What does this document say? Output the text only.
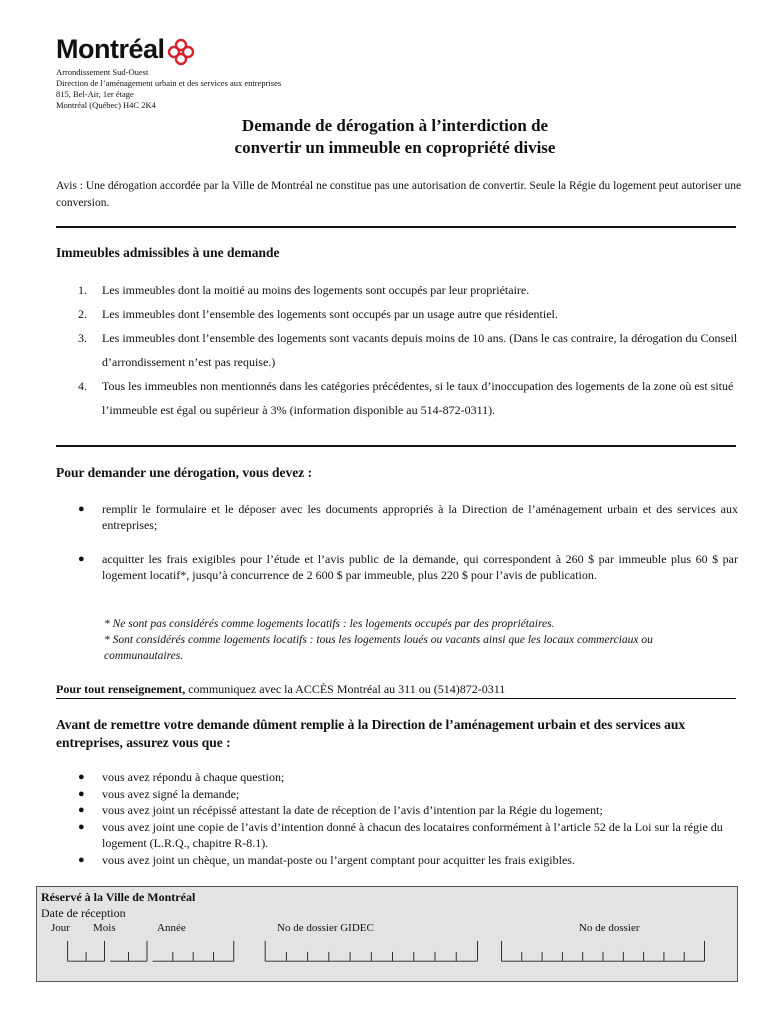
Montréal
Arrondissement Sud-Ouest
Direction de l’aménagement urbain et des services aux entreprises
815, Bel-Air, 1er étage
Montréal (Québec) H4C 2K4
Demande de dérogation à l’interdiction de
convertir un immeuble en copropriété divise
Avis : Une dérogation accordée par la Ville de Montréal ne constitue pas une autorisation de convertir. Seule la Régie du logement peut autoriser une conversion.
Immeubles admissibles à une demande
1.	Les immeubles dont la moitié au moins des logements sont occupés par leur propriétaire.
2.	Les immeubles dont l’ensemble des logements sont occupés par un usage autre que résidentiel.
3.	Les immeubles dont l’ensemble des logements sont vacants depuis moins de 10 ans. (Dans le cas contraire, la dérogation du Conseil d’arrondissement n’est pas requise.)
4.	Tous les immeubles non mentionnés dans les catégories précédentes, si le taux d’inoccupation des logements de la zone où est situé l’immeuble est égal ou supérieur à 3% (information disponible au 514-872-0311).
Pour demander une dérogation, vous devez :
●	remplir le formulaire et le déposer avec les documents appropriés à la Direction de l’aménagement urbain et des services aux entreprises;
●	acquitter les frais exigibles pour l’étude et l’avis public de la demande, qui correspondent à 260 $ par immeuble plus 60 $ par logement locatif*, jusqu’à concurrence de 2 600 $ par immeuble, plus 220 $ pour l’avis de publication.
* Ne sont pas considérés comme logements locatifs : les logements occupés par des propriétaires.
* Sont considérés comme logements locatifs : tous les logements loués ou vacants ainsi que les locaux commerciaux ou communautaires.
Pour tout renseignement, communiquez avec la ACCÈS Montréal au 311 ou (514)872-0311
Avant de remettre votre demande dûment remplie à la Direction de l’aménagement urbain et des services aux entreprises, assurez vous que :
●	vous avez répondu à chaque question;
●	vous avez signé la demande;
●	vous avez joint un récépissé attestant la date de réception de l’avis d’intention par la Régie du logement;
●	vous avez joint une copie de l’avis d’intention donné à chacun des locataires conformément à l’article 52 de la Loi sur la régie du logement (L.R.Q., chapitre R-8.1).
●	vous avez joint un chèque, un mandat-poste ou l’argent comptant pour acquitter les frais exigibles.
Réservé à la Ville de Montréal
Date de réception
Jour Mois	Année	No de dossier GIDEC	No de dossier
